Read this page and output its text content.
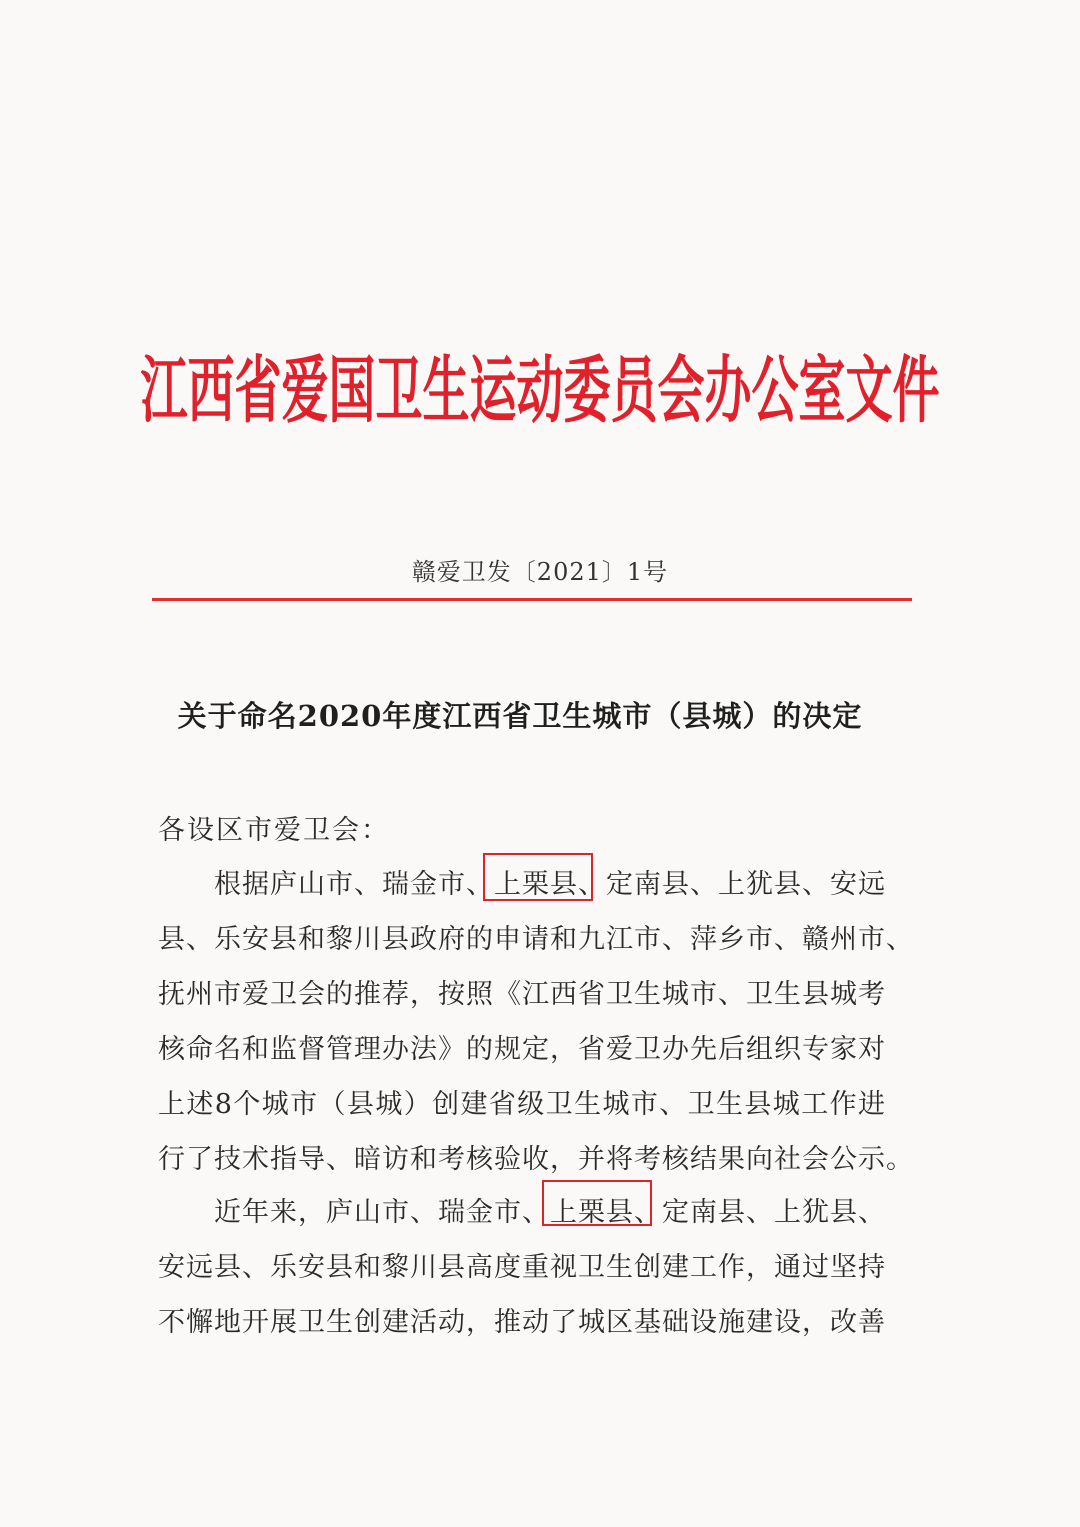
江西省爱国卫生运动委员会办公室文件
赣爱卫发〔2021〕1号
关于命名2020年度江西省卫生城市（县城）的决定
各设区市爱卫会：
根据庐山市、瑞金市、上栗县、定南县、上犹县、安远
县、乐安县和黎川县政府的申请和九江市、萍乡市、赣州市、
抚州市爱卫会的推荐，按照《江西省卫生城市、卫生县城考
核命名和监督管理办法》的规定，省爱卫办先后组织专家对
上述8个城市（县城）创建省级卫生城市、卫生县城工作进
行了技术指导、暗访和考核验收，并将考核结果向社会公示。
近年来，庐山市、瑞金市、上栗县、定南县、上犹县、
安远县、乐安县和黎川县高度重视卫生创建工作，通过坚持
不懈地开展卫生创建活动，推动了城区基础设施建设，改善
